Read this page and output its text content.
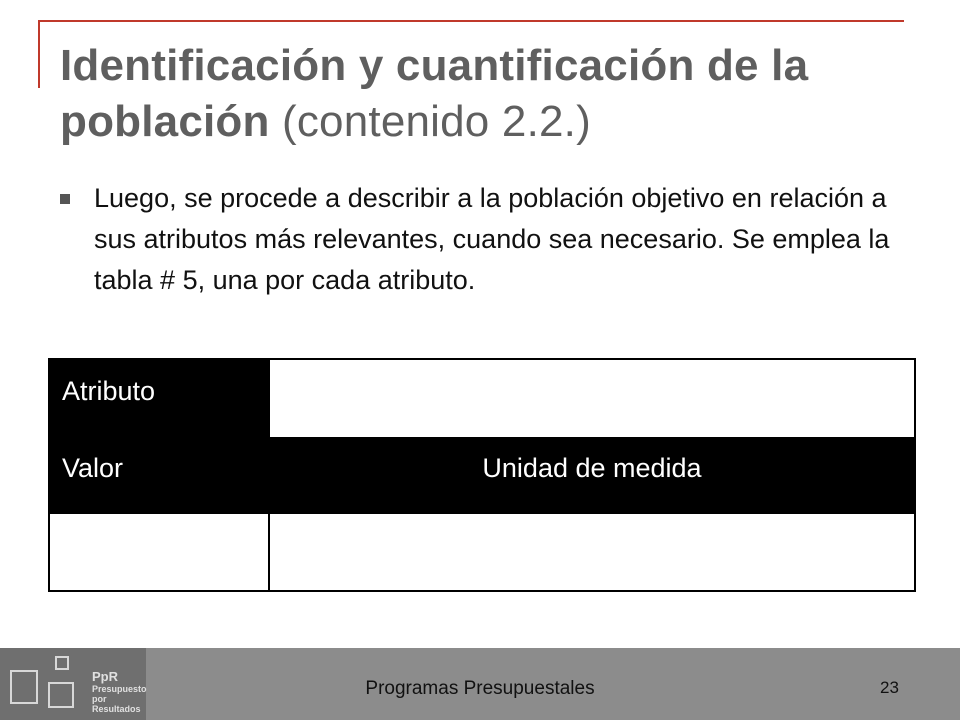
Identificación y cuantificación de la población (contenido 2.2.)

Luego, se procede a describir a la población objetivo en relación a sus atributos más relevantes, cuando sea necesario. Se emplea la tabla # 5, una por cada atributo.

Atributo
Valor	Unidad de medida
PpR
Presupuesto
por Resultados
Programas Presupuestales	23
